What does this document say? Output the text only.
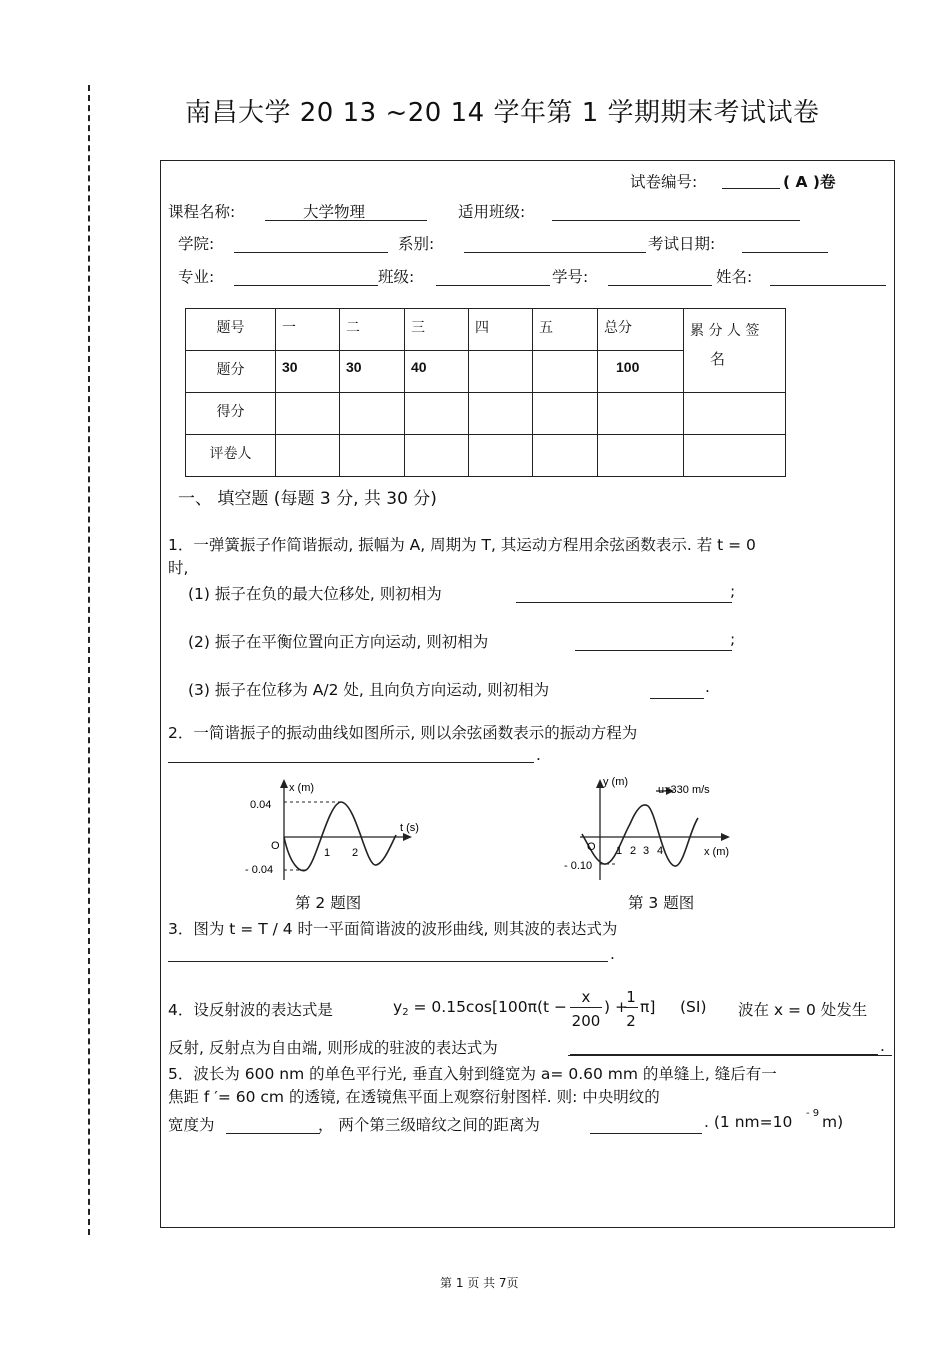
南昌大学 20 13 ~20 14 学年第 1 学期期末考试试卷
试卷编号:	( A )卷
课程名称:	大学物理	适用班级:
学院:	系别:	考试日期:
专业:	班级:	学号:	姓名:
题号	一	二	三	四	五	总分	累 分 人 签
名

题分	30	30	40			100	
得分							
评卷人							
一、 填空题 (每题 3 分, 共 30 分)
1．一弹簧振子作简谐振动, 振幅为 A, 周期为 T, 其运动方程用余弦函数表示. 若 t = 0
时,
(1) 振子在负的最大位移处, 则初相为	;
(2) 振子在平衡位置向正方向运动, 则初相为	;
(3) 振子在位移为 A/2 处, 且向负方向运动, 则初相为	.
2．一简谐振子的振动曲线如图所示, 则以余弦函数表示的振动方程为
.
x (m)
t (s)
O
0.04
- 0.04
1 2
第 2 题图
y (m)
u=330 m/s
x (m)
O
- 0.10
1 2 3 4
第 3 题图
3．图为 t = T / 4 时一平面简谐波的波形曲线, 则其波的表达式为
.
4．设反射波的表达式是	y2 = 0.15cos[100π(t −
x
200
) +
1
2
π] (SI) 波在 x = 0 处发生
反射, 反射点为自由端, 则形成的驻波的表达式为	.
5．波长为 600 nm 的单色平行光, 垂直入射到缝宽为 a= 0.60 mm 的单缝上, 缝后有一
焦距 f ′= 60 cm 的透镜, 在透镜焦平面上观察衍射图样. 则: 中央明纹的
宽度为	， 两个第三级暗纹之间的距离为	. (1 nm=10 - 9 m)
第 1 页 共 7页
